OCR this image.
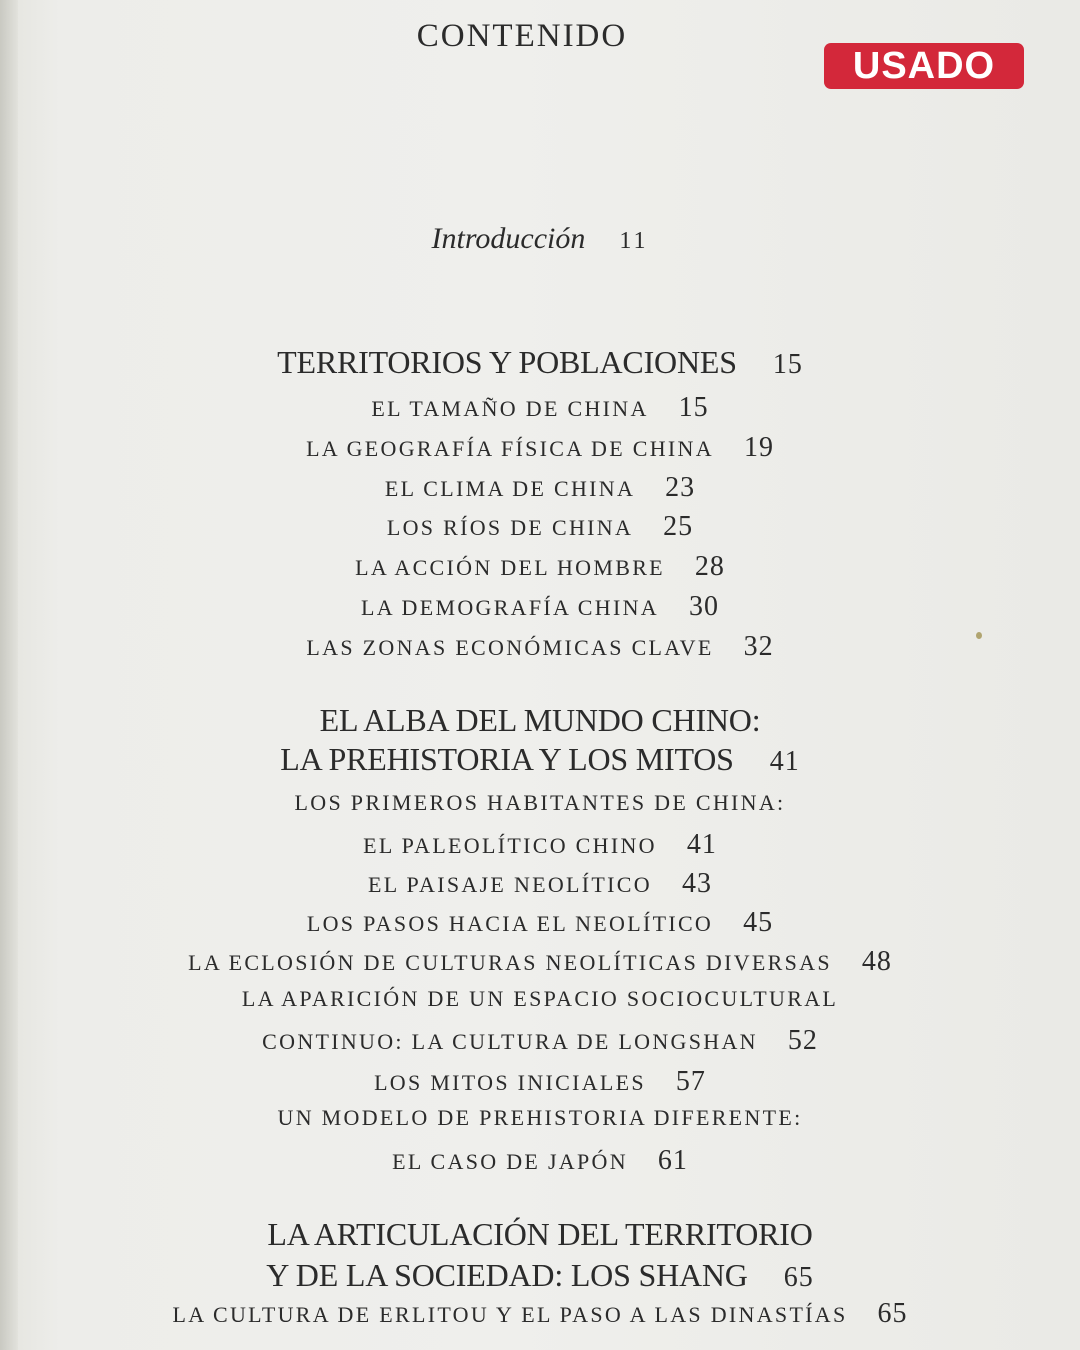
CONTENIDO
USADO
Introducción 11
TERRITORIOS Y POBLACIONES 15
EL TAMAÑO DE CHINA 15
LA GEOGRAFÍA FÍSICA DE CHINA 19
EL CLIMA DE CHINA 23
LOS RÍOS DE CHINA 25
LA ACCIÓN DEL HOMBRE 28
LA DEMOGRAFÍA CHINA 30
LAS ZONAS ECONÓMICAS CLAVE 32
EL ALBA DEL MUNDO CHINO:
LA PREHISTORIA Y LOS MITOS 41
LOS PRIMEROS HABITANTES DE CHINA:
EL PALEOLÍTICO CHINO 41
EL PAISAJE NEOLÍTICO 43
LOS PASOS HACIA EL NEOLÍTICO 45
LA ECLOSIÓN DE CULTURAS NEOLÍTICAS DIVERSAS 48
LA APARICIÓN DE UN ESPACIO SOCIOCULTURAL
CONTINUO: LA CULTURA DE LONGSHAN 52
LOS MITOS INICIALES 57
UN MODELO DE PREHISTORIA DIFERENTE:
EL CASO DE JAPÓN 61
LA ARTICULACIÓN DEL TERRITORIO
Y DE LA SOCIEDAD: LOS SHANG 65
LA CULTURA DE ERLITOU Y EL PASO A LAS DINASTÍAS 65
